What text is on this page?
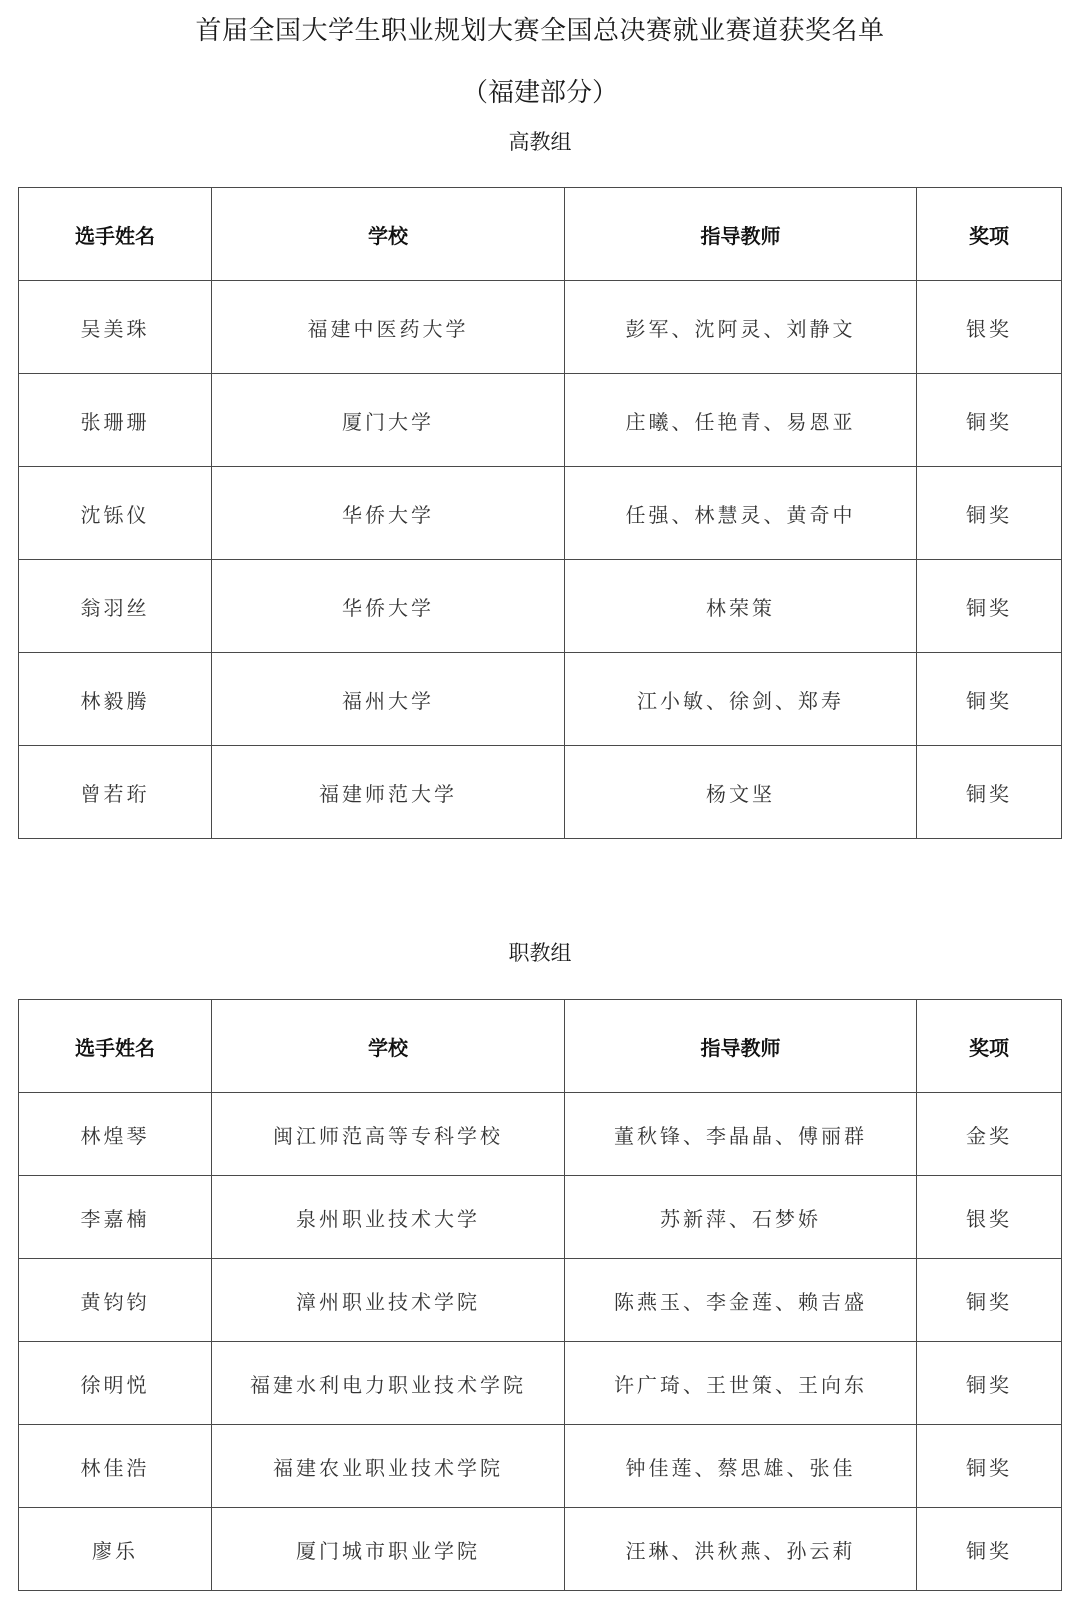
首届全国大学生职业规划大赛全国总决赛就业赛道获奖名单
（福建部分）
高教组
选手姓名	学校	指导教师	奖项
吴美珠	福建中医药大学	彭军、沈阿灵、刘静文	银奖
张珊珊	厦门大学	庄曦、任艳青、易恩亚	铜奖
沈铄仪	华侨大学	任强、林慧灵、黄奇中	铜奖
翁羽丝	华侨大学	林荣策	铜奖
林毅腾	福州大学	江小敏、徐剑、郑寿	铜奖
曾若珩	福建师范大学	杨文坚	铜奖
职教组
选手姓名	学校	指导教师	奖项
林煌琴	闽江师范高等专科学校	董秋锋、李晶晶、傅丽群	金奖
李嘉楠	泉州职业技术大学	苏新萍、石梦娇	银奖
黄钧钧	漳州职业技术学院	陈燕玉、李金莲、赖吉盛	铜奖
徐明悦	福建水利电力职业技术学院	许广琦、王世策、王向东	铜奖
林佳浩	福建农业职业技术学院	钟佳莲、蔡思雄、张佳	铜奖
廖乐	厦门城市职业学院	汪琳、洪秋燕、孙云莉	铜奖
